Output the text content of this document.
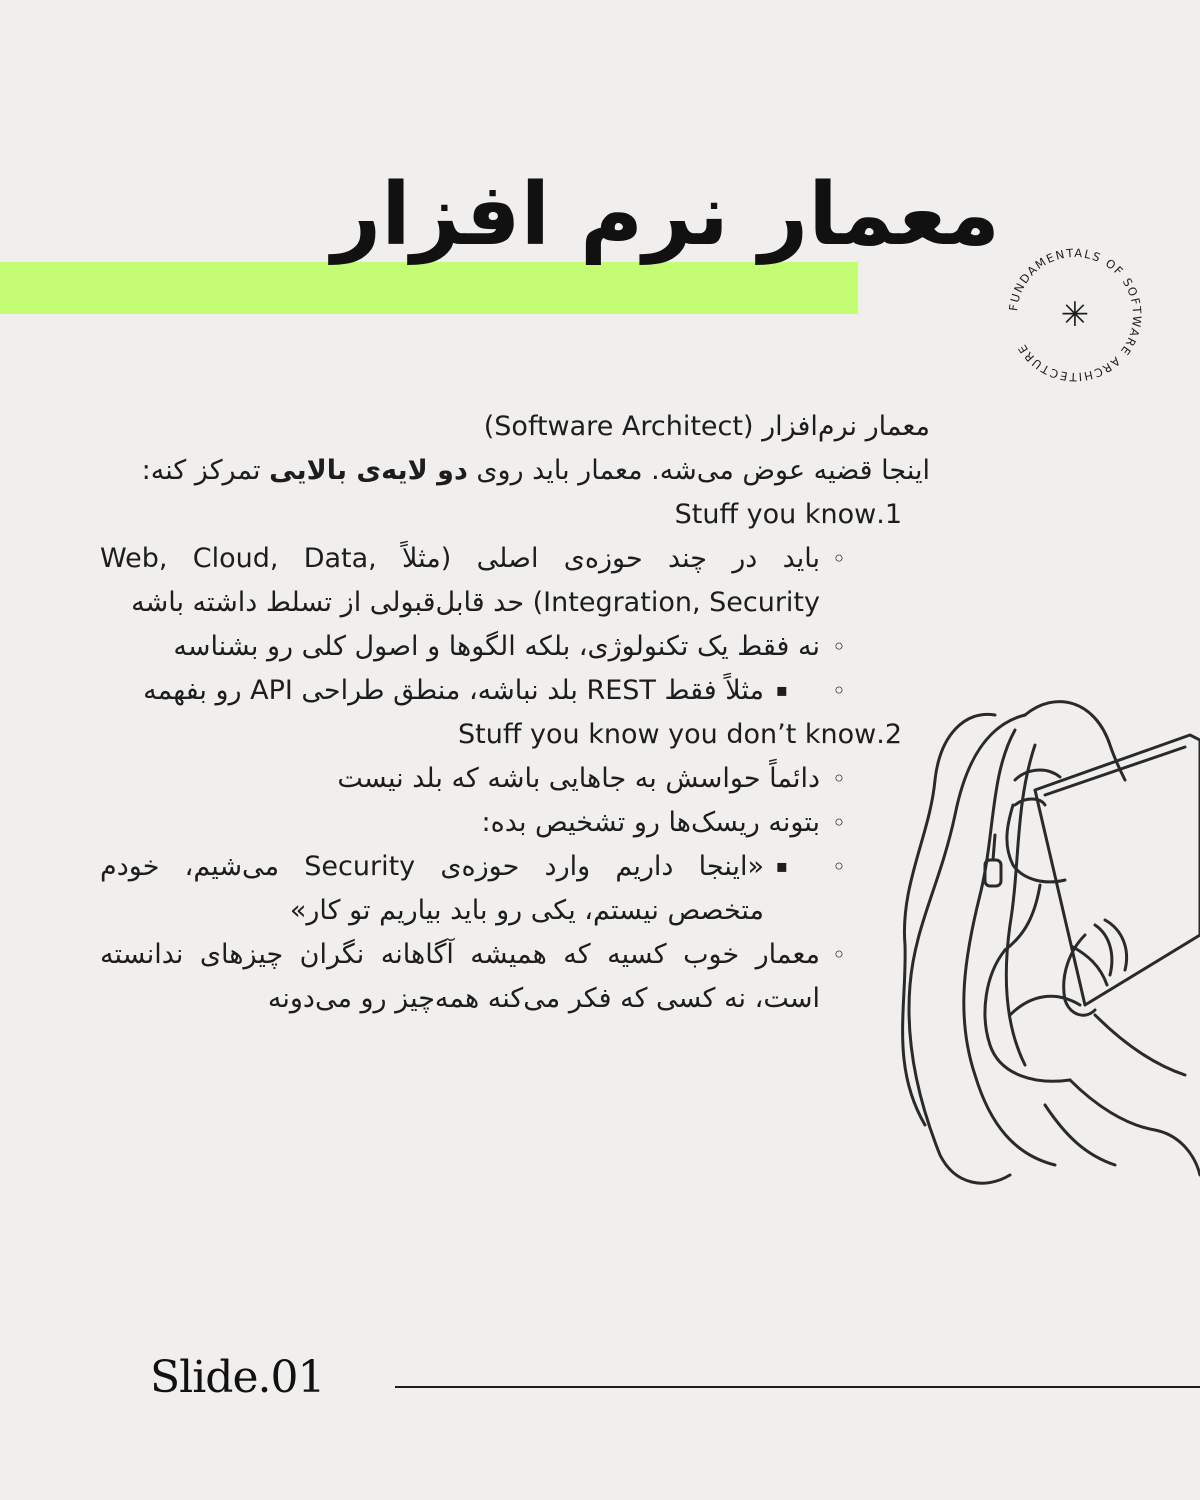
معمار نرم افزار
FUNDAMENTALS OF SOFTWARE ARCHITECTURE
✳

معمار نرم‌افزار (Software Architect)

اینجا قضیه عوض می‌شه. معمار باید روی دو لایه‌ی بالایی تمرکز کنه:

1.Stuff you know
◦ باید در چند حوزه‌ی اصلی (مثلاً Web, Cloud, Data, Integration, Security) حد قابل‌قبولی از تسلط داشته باشه
◦ نه فقط یک تکنولوژی، بلکه الگوها و اصول کلی رو بشناسه
▪ ◦ مثلاً فقط REST بلد نباشه، منطق طراحی API رو بفهمه
2.Stuff you know you don’t know
◦ دائماً حواسش به جاهایی باشه که بلد نیست
◦ بتونه ریسک‌ها رو تشخیص بده:
▪ ◦ «اینجا داریم وارد حوزه‌ی Security می‌شیم، خودم متخصص نیستم، یکی رو باید بیاریم تو کار»
◦ معمار خوب کسیه که همیشه آگاهانه نگران چیزهای ندانسته است، نه کسی که فکر می‌کنه همه‌چیز رو می‌دونه

Slide.01
